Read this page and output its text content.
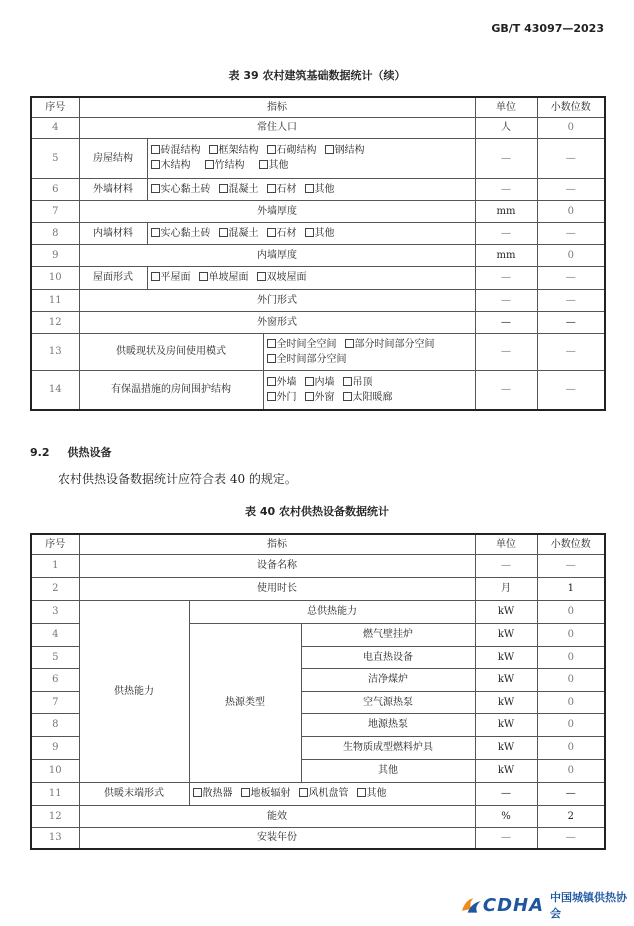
GB/T 43097—2023
表 39 农村建筑基础数据统计（续）
序号	指标			单位	小数位数
4	常住人口			人	0
5	房屋结构	砖混结构 框架结构 石砌结构 钢结构
木结构 竹结构 其他		—	—
6	外墙材料	实心黏土砖 混凝土 石材 其他		—	—
7	外墙厚度			mm	0
8	内墙材料	实心黏土砖 混凝土 石材 其他		—	—
9	内墙厚度			mm	0
10	屋面形式	平屋面 单坡屋面 双坡屋面		—	—
11	外门形式			—	—
12	外窗形式			—	—
13	供暖现状及房间使用模式		全时间全空间 部分时间部分空间
全时间部分空间	—	—
14	有保温措施的房间围护结构		外墙 内墙 吊顶
外门 外窗 太阳暖廊	—	—
9.2 供热设备
农村供热设备数据统计应符合表 40 的规定。
表 40 农村供热设备数据统计
序号	指标			单位	小数位数
1	设备名称			—	—
2	使用时长			月	1
3	供热能力	总供热能力		kW	0
4		热源类型	燃气壁挂炉	kW	0
5			电直热设备	kW	0
6			洁净煤炉	kW	0
7			空气源热泵	kW	0
8			地源热泵	kW	0
9			生物质成型燃料炉具	kW	0
10			其他	kW	0
11	供暖末端形式	散热器 地板辐射 风机盘管 其他		—	—
12	能效			%	2
13	安装年份			—	—
CDHA 中国城镇供热协会
